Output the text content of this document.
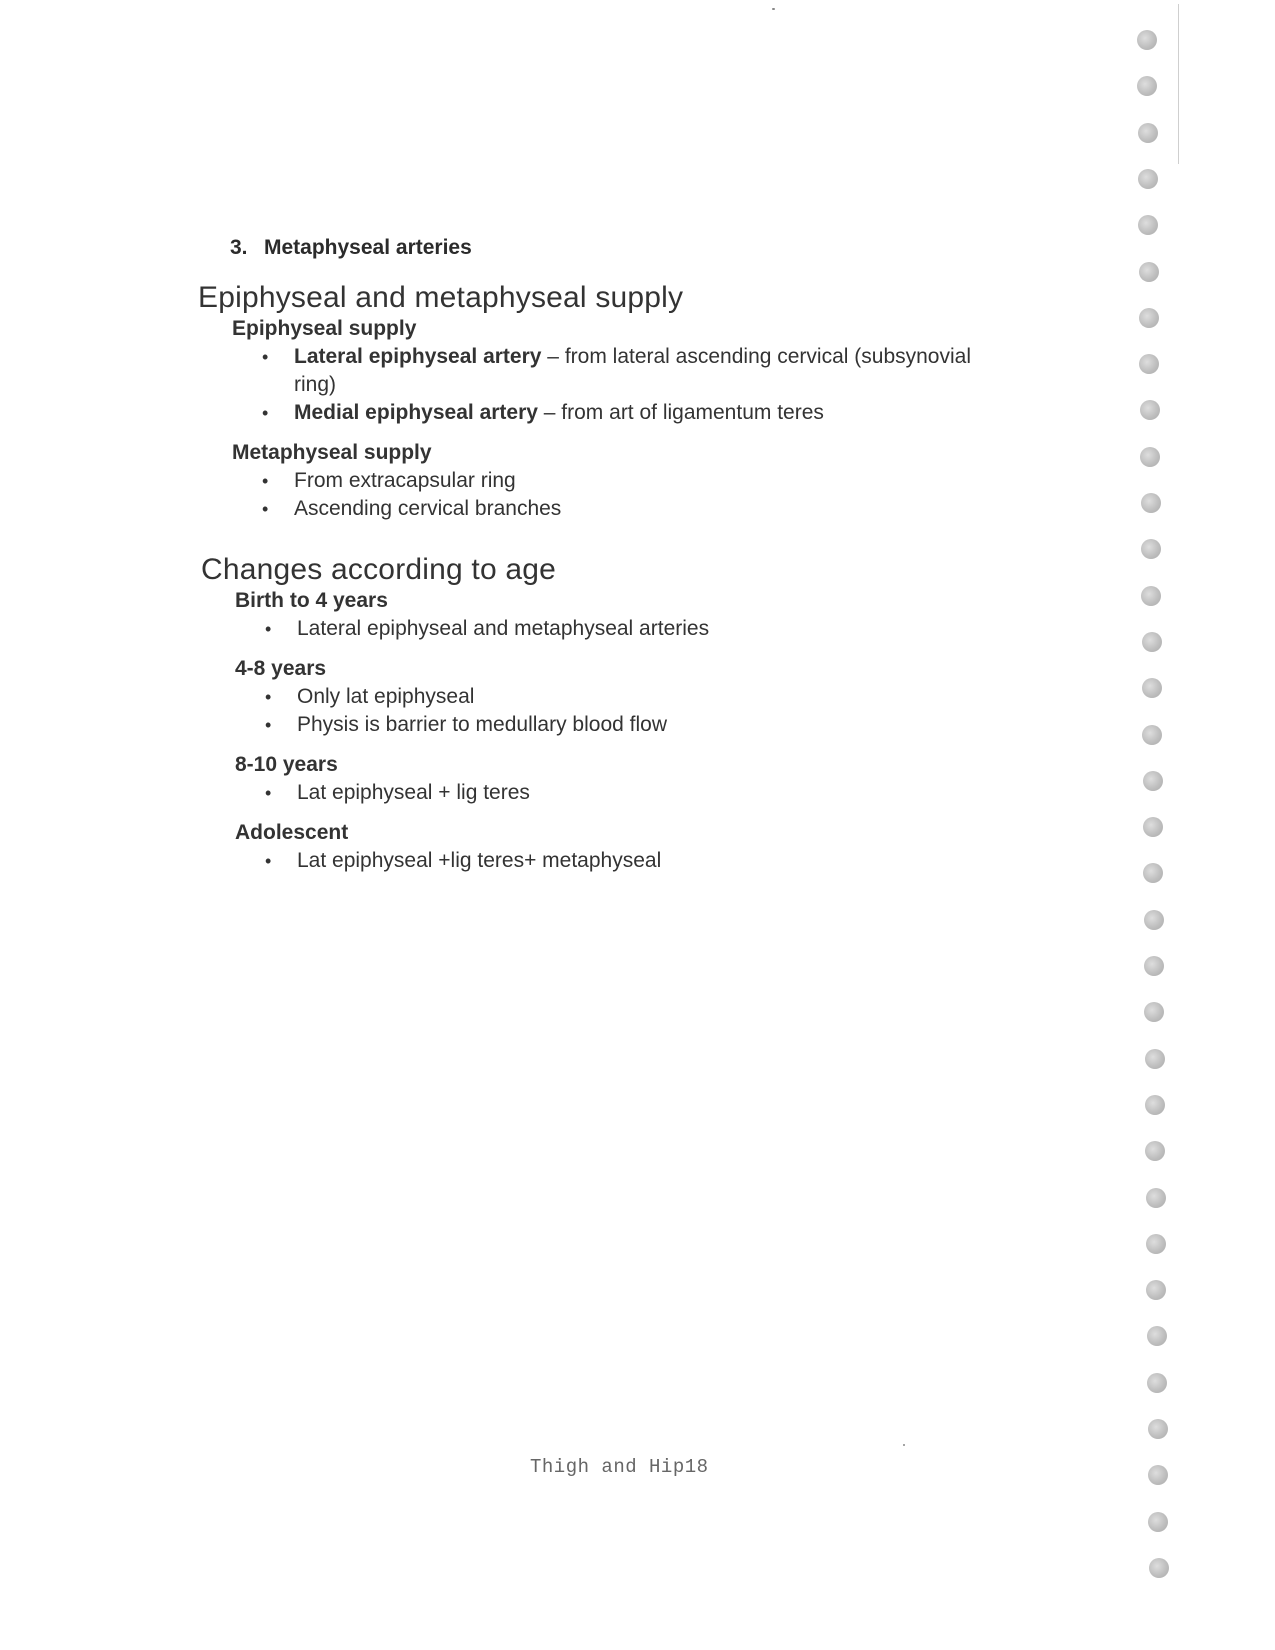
3. Metaphyseal arteries
Epiphyseal and metaphyseal supply
Epiphyseal supply
• Lateral epiphyseal artery – from lateral ascending cervical (subsynovial ring)
• Medial epiphyseal artery – from art of ligamentum teres
Metaphyseal supply
• From extracapsular ring
• Ascending cervical branches
Changes according to age
Birth to 4 years
• Lateral epiphyseal and metaphyseal arteries
4-8 years
• Only lat epiphyseal
• Physis is barrier to medullary blood flow
8-10 years
• Lat epiphyseal + lig teres
Adolescent
• Lat epiphyseal +lig teres+ metaphyseal
Thigh and Hip18
